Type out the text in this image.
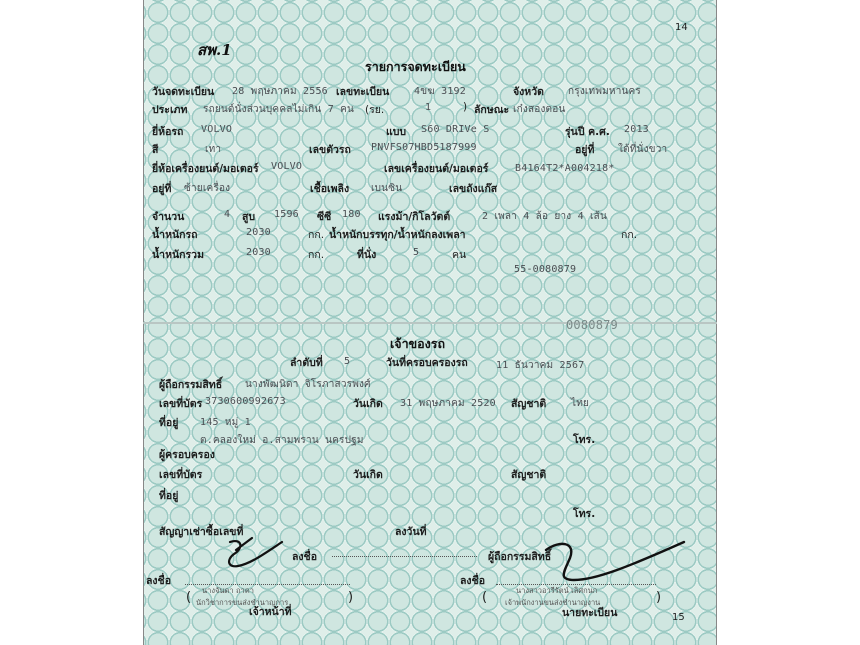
14
สพ.1
รายการจดทะเบียน
วันจดทะเบียน 28 พฤษภาคม 2556 เลขทะเบียน 4ขฆ 3192	จังหวัด กรุงเทพมหานคร
ประเภท รถยนต์นั่งส่วนบุคคลไม่เกิน 7 คน (รย.	1	) ลักษณะ เก๋งสองตอน
ยี่ห้อรถ VOLVO	แบบ S60 DRIVe S	รุ่นปี ค.ศ. 2013
สี	เทา	เลขตัวรถ PNVFS07HBD5187999	อยู่ที่ ใต้ที่นั่งขวา
ยี่ห้อเครื่องยนต์/มอเตอร์ VOLVO	เลขเครื่องยนต์/มอเตอร์	B4164T2*A004218*
อยู่ที่ ซ้ายเครื่อง	เชื้อเพลิง เบนซิน	เลขถังแก๊ส
จำนวน	4 สูบ 1596 ซีซี 180 แรงม้า/กิโลวัตต์	2 เพลา 4 ล้อ ยาง 4 เส้น
น้ำหนักรถ	2030	กก. น้ำหนักบรรทุก/น้ำหนักลงเพลา	กก.
น้ำหนักรวม	2030	กก.	ที่นั่ง	5	คน
55-0080879
0080879
เจ้าของรถ
ลำดับที่ 5	วันที่ครอบครองรถ	11 ธันวาคม 2567
ผู้ถือกรรมสิทธิ์ นางพัฒนิดา จิโรภาสวรพงศ์
เลขที่บัตร 3730600992673	วันเกิด 31 พฤษภาคม 2520 สัญชาติ ไทย
ที่อยู่ 145 หมู่ 1
ต.คลองใหม่ อ.สามพราน นครปฐม	โทร.
ผู้ครอบครอง
เลขที่บัตร	วันเกิด	สัญชาติ
ที่อยู่
โทร.
สัญญาเช่าซื้อเลขที่	ลงวันที่
ลงชื่อ	ผู้ถือกรรมสิทธิ์
ลงชื่อ	ลงชื่อ
นางจันดา ถาคา	นางสาวอารีรัตน์ เลิศกนก
(	)	(	)
นักวิชาการขนส่งชำนาญการ	เจ้าพนักงานขนส่งชำนาญงาน
เจ้าหน้าที่	นายทะเบียน	15
carsome
รถมือสองคุณภาพ
